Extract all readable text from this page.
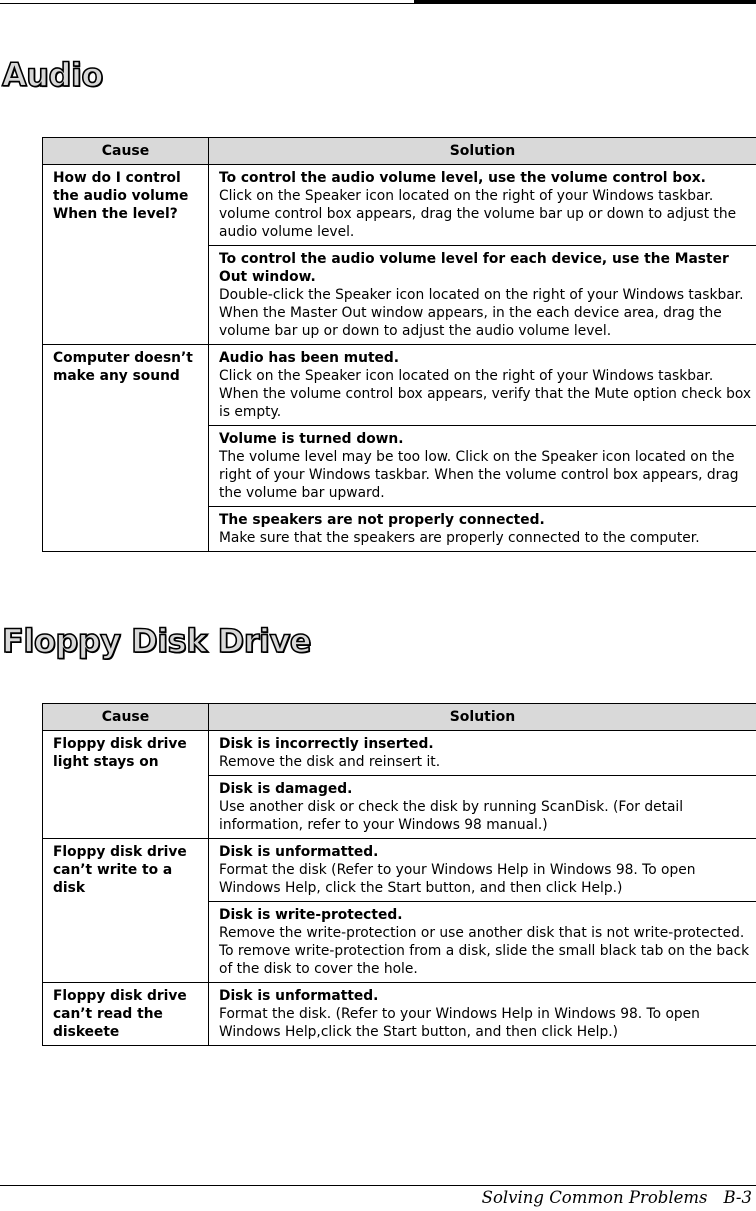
Audio
Cause	Solution
How do I control the audio volume When the level?	To control the audio volume level, use the volume control box.
Click on the Speaker icon located on the right of your Windows taskbar. volume control box appears, drag the volume bar up or down to adjust the audio volume level.

	To control the audio volume level for each device, use the Master Out window.
Double-click the Speaker icon located on the right of your Windows taskbar. When the Master Out window appears, in the each device area, drag the volume bar up or down to adjust the audio volume level.

Computer doesn’t make any sound	Audio has been muted.
Click on the Speaker icon located on the right of your Windows taskbar. When the volume control box appears, verify that the Mute option check box is empty.

	Volume is turned down.
The volume level may be too low. Click on the Speaker icon located on the right of your Windows taskbar. When the volume control box appears, drag the volume bar upward.

	The speakers are not properly connected.
Make sure that the speakers are properly connected to the computer.
Floppy Disk Drive
Cause	Solution
Floppy disk drive light stays on	Disk is incorrectly inserted.
Remove the disk and reinsert it.

	Disk is damaged.
Use another disk or check the disk by running ScanDisk. (For detail information, refer to your Windows 98 manual.)

Floppy disk drive can’t write to a disk	Disk is unformatted.
Format the disk (Refer to your Windows Help in Windows 98. To open Windows Help, click the Start button, and then click Help.)

	Disk is write-protected.
Remove the write-protection or use another disk that is not write-protected. To remove write-protection from a disk, slide the small black tab on the back of the disk to cover the hole.

Floppy disk drive can’t read the diskeete	Disk is unformatted.
Format the disk. (Refer to your Windows Help in Windows 98. To open Windows Help,click the Start button, and then click Help.)
Solving Common Problems B-3
